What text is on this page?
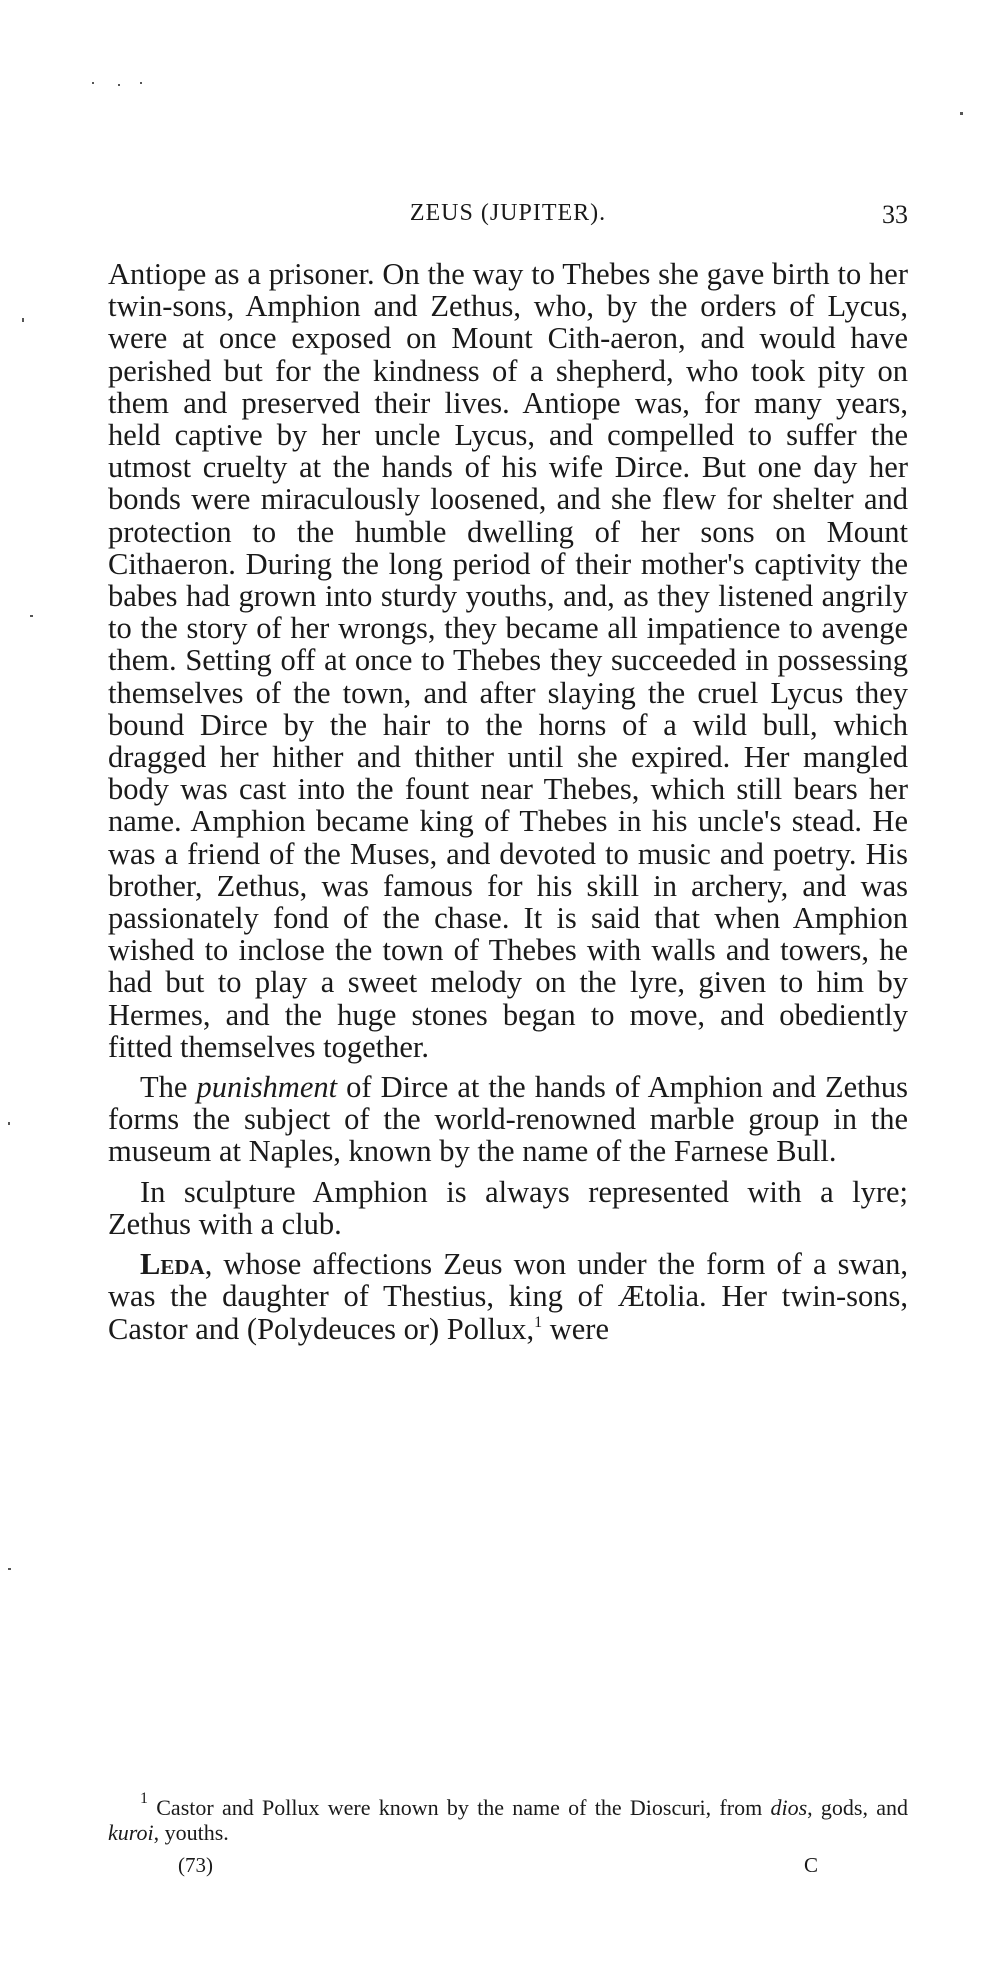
ZEUS (JUPITER).	33

Antiope as a prisoner. On the way to Thebes she gave birth to her twin-sons, Amphion and Zethus, who, by the orders of Lycus, were at once exposed on Mount Cith-aeron, and would have perished but for the kindness of a shepherd, who took pity on them and preserved their lives. Antiope was, for many years, held captive by her uncle Lycus, and compelled to suffer the utmost cruelty at the hands of his wife Dirce. But one day her bonds were miraculously loosened, and she flew for shelter and protection to the humble dwelling of her sons on Mount Cithaeron. During the long period of their mother's captivity the babes had grown into sturdy youths, and, as they listened angrily to the story of her wrongs, they became all impatience to avenge them. Setting off at once to Thebes they succeeded in possessing themselves of the town, and after slaying the cruel Lycus they bound Dirce by the hair to the horns of a wild bull, which dragged her hither and thither until she expired. Her mangled body was cast into the fount near Thebes, which still bears her name. Amphion became king of Thebes in his uncle's stead. He was a friend of the Muses, and devoted to music and poetry. His brother, Zethus, was famous for his skill in archery, and was passionately fond of the chase. It is said that when Amphion wished to inclose the town of Thebes with walls and towers, he had but to play a sweet melody on the lyre, given to him by Hermes, and the huge stones began to move, and obediently fitted themselves together.

The punishment of Dirce at the hands of Amphion and Zethus forms the subject of the world-renowned marble group in the museum at Naples, known by the name of the Farnese Bull.

In sculpture Amphion is always represented with a lyre; Zethus with a club.

Leda, whose affections Zeus won under the form of a swan, was the daughter of Thestius, king of Ætolia. Her twin-sons, Castor and (Polydeuces or) Pollux,$^1$ were

$^1$ Castor and Pollux were known by the name of the Dioscuri, from dios, gods, and kuroi, youths.

(73)	C
